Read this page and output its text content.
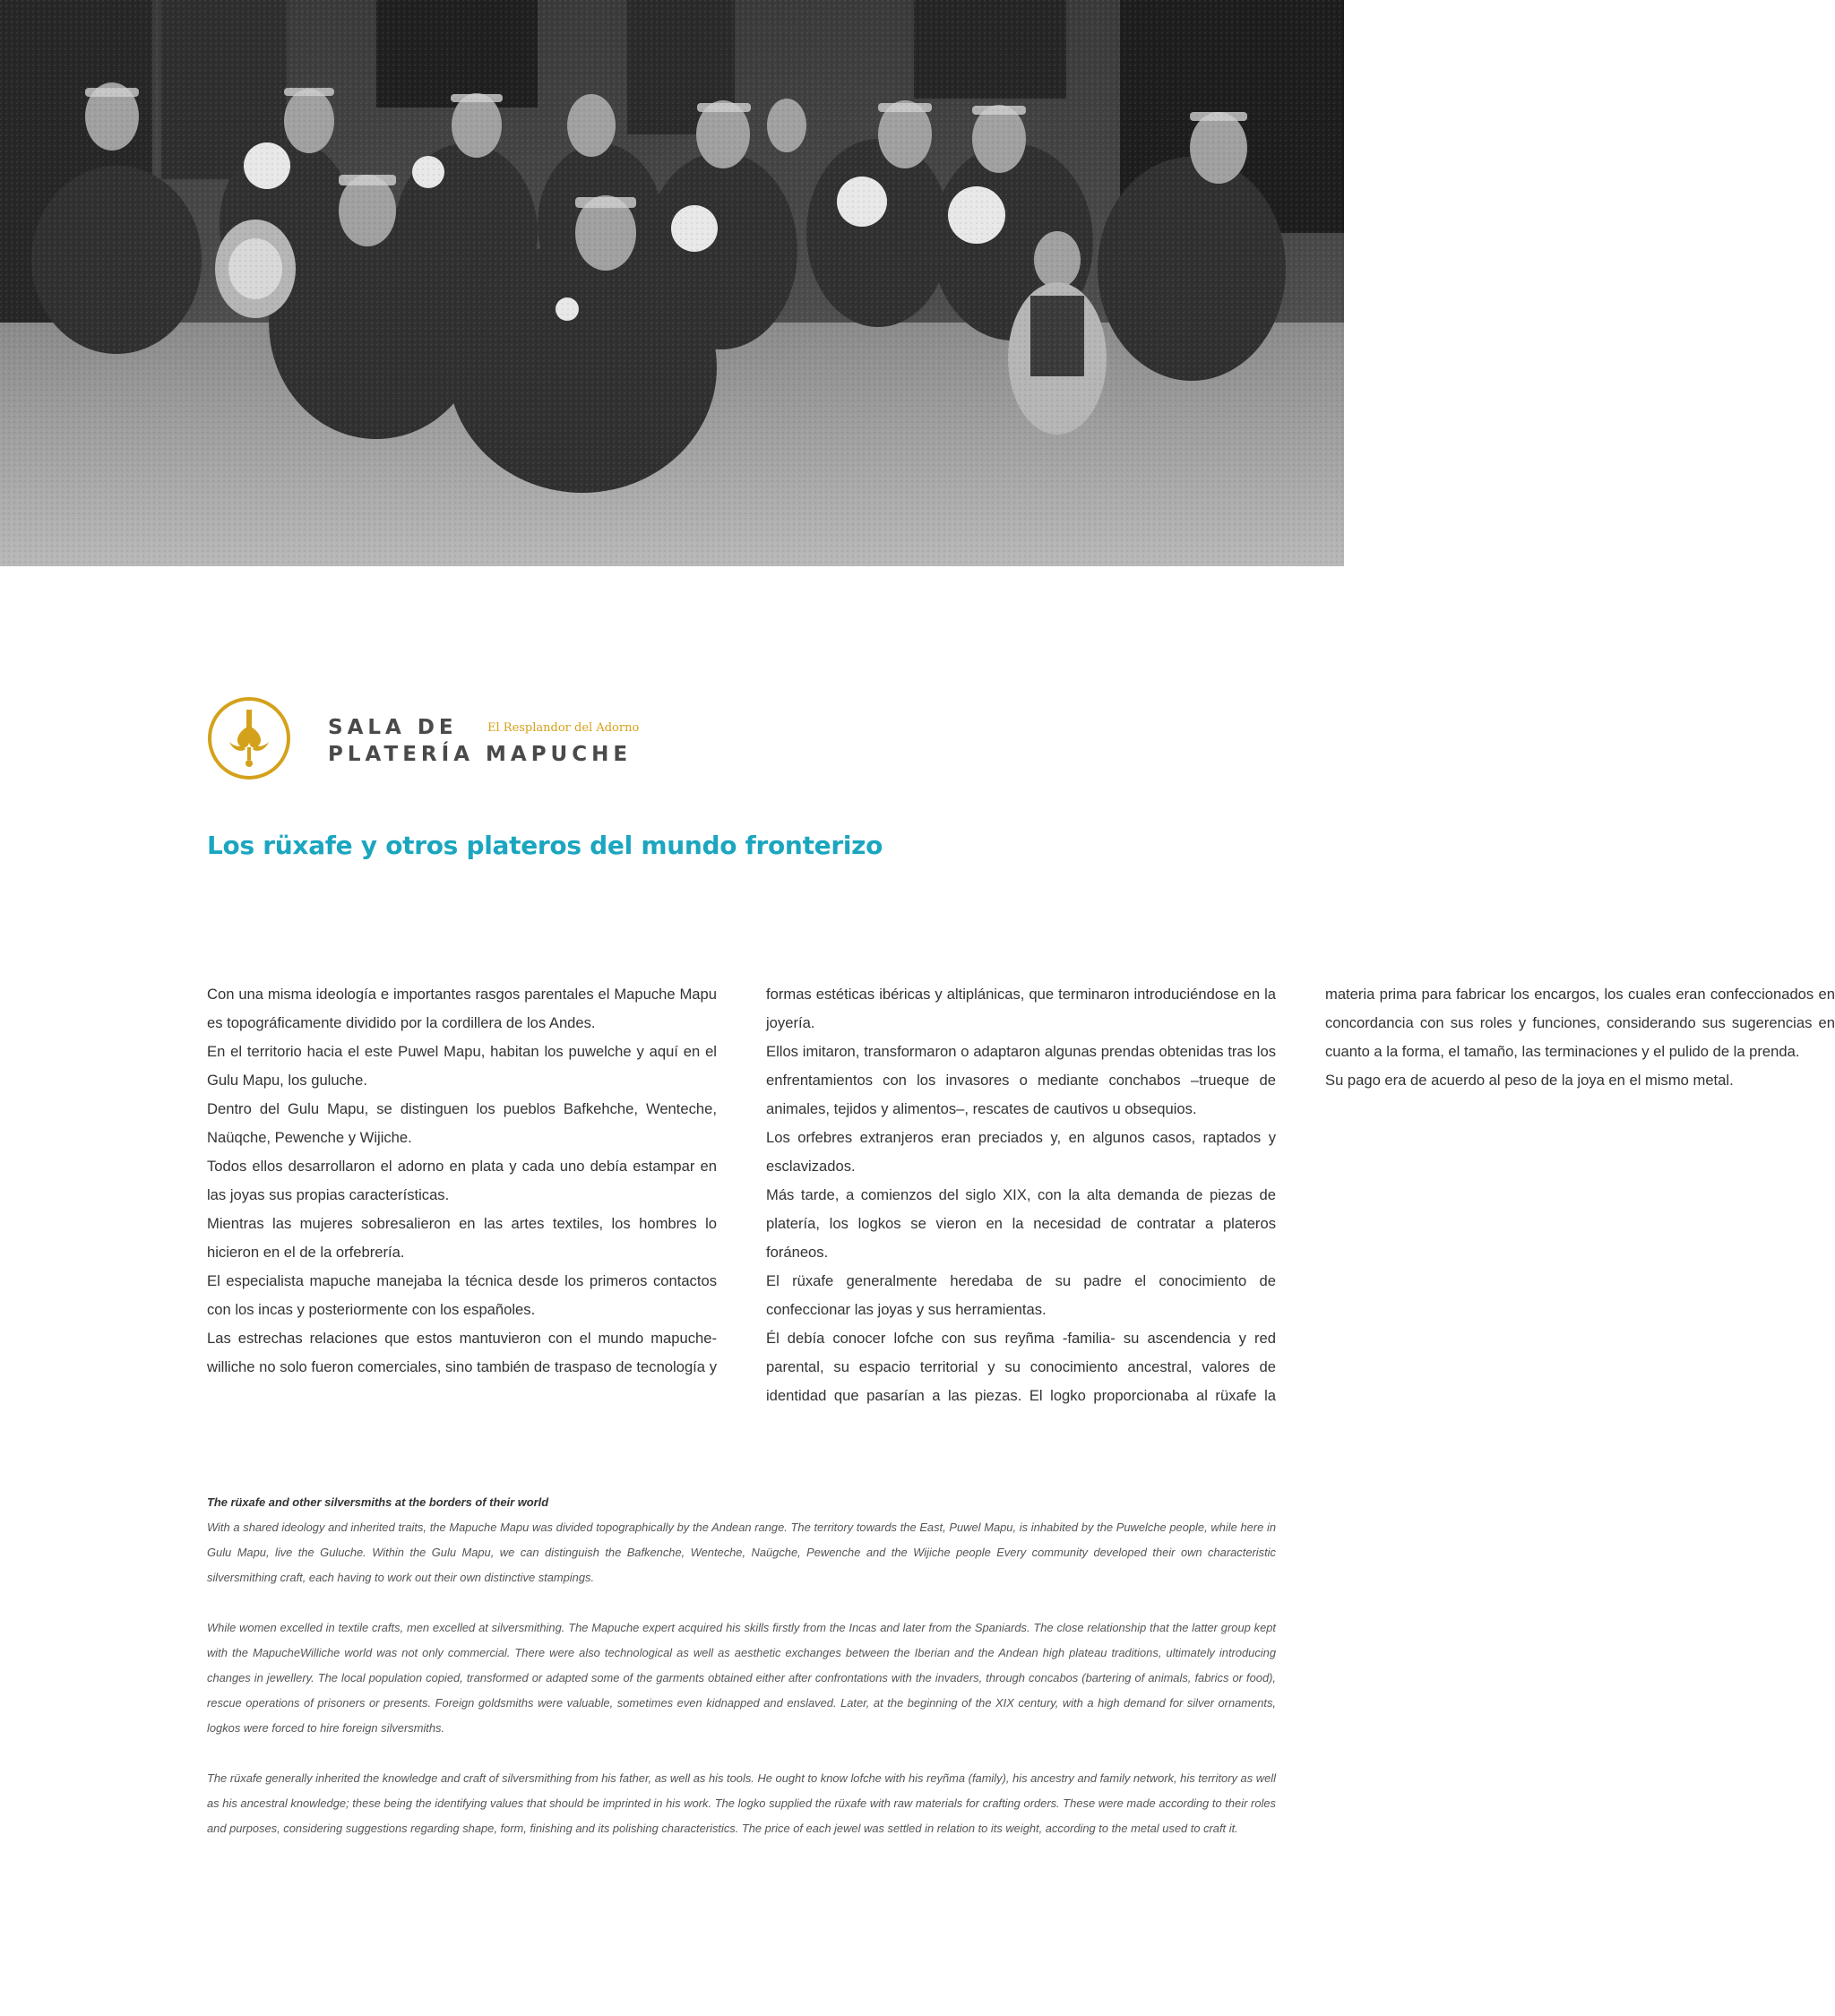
SALA DE
PLATERÍA MAPUCHE
El Resplandor del Adorno
Los rüxafe y otros plateros del mundo fronterizo

Con una misma ideología e importantes rasgos parentales el Mapuche Mapu es topográficamente dividido por la cordillera de los Andes.

En el territorio hacia el este Puwel Mapu, habitan los puwelche y aquí en el Gulu Mapu, los guluche.

Dentro del Gulu Mapu, se distinguen los pueblos Bafkehche, Wenteche, Naüqche, Pewenche y Wijiche.

Todos ellos desarrollaron el adorno en plata y cada uno debía estampar en las joyas sus propias características.

Mientras las mujeres sobresalieron en las artes textiles, los hombres lo hicieron en el de la orfebrería.

El especialista mapuche manejaba la técnica desde los primeros contactos con los incas y posteriormente con los españoles.

Las estrechas relaciones que estos mantuvieron con el mundo mapuche-williche no solo fueron comerciales, sino también de traspaso de tecnología y formas estéticas ibéricas y altiplánicas, que terminaron introduciéndose en la joyería.

Ellos imitaron, transformaron o adaptaron algunas prendas obtenidas tras los enfrentamientos con los invasores o mediante conchabos –trueque de animales, tejidos y alimentos–, rescates de cautivos u obsequios.

Los orfebres extranjeros eran preciados y, en algunos casos, raptados y esclavizados.

Más tarde, a comienzos del siglo XIX, con la alta demanda de piezas de platería, los logkos se vieron en la necesidad de contratar a plateros foráneos.

El rüxafe generalmente heredaba de su padre el conocimiento de confeccionar las joyas y sus herramientas.

Él debía conocer lofche con sus reyñma -familia- su ascendencia y red parental, su espacio territorial y su conocimiento ancestral, valores de identidad que pasarían a las piezas. El logko proporcionaba al rüxafe la materia prima para fabricar los encargos, los cuales eran confeccionados en concordancia con sus roles y funciones, considerando sus sugerencias en cuanto a la forma, el tamaño, las terminaciones y el pulido de la prenda.

Su pago era de acuerdo al peso de la joya en el mismo metal.

The rüxafe and other silversmiths at the borders of their world

With a shared ideology and inherited traits, the Mapuche Mapu was divided topographically by the Andean range. The territory towards the East, Puwel Mapu, is inhabited by the Puwelche people, while here in Gulu Mapu, live the Guluche. Within the Gulu Mapu, we can distinguish the Bafkenche, Wenteche, Naügche, Pewenche and the Wijiche people Every community developed their own characteristic silversmithing craft, each having to work out their own distinctive stampings.

While women excelled in textile crafts, men excelled at silversmithing. The Mapuche expert acquired his skills firstly from the Incas and later from the Spaniards. The close relationship that the latter group kept with the MapucheWilliche world was not only commercial. There were also technological as well as aesthetic exchanges between the Iberian and the Andean high plateau traditions, ultimately introducing changes in jewellery. The local population copied, transformed or adapted some of the garments obtained either after confrontations with the invaders, through concabos (bartering of animals, fabrics or food), rescue operations of prisoners or presents. Foreign goldsmiths were valuable, sometimes even kidnapped and enslaved. Later, at the beginning of the XIX century, with a high demand for silver ornaments, logkos were forced to hire foreign silversmiths.

The rüxafe generally inherited the knowledge and craft of silversmithing from his father, as well as his tools. He ought to know lofche with his reyñma (family), his ancestry and family network, his territory as well as his ancestral knowledge; these being the identifying values that should be imprinted in his work. The logko supplied the rüxafe with raw materials for crafting orders. These were made according to their roles and purposes, considering suggestions regarding shape, form, finishing and its polishing characteristics. The price of each jewel was settled in relation to its weight, according to the metal used to craft it.
